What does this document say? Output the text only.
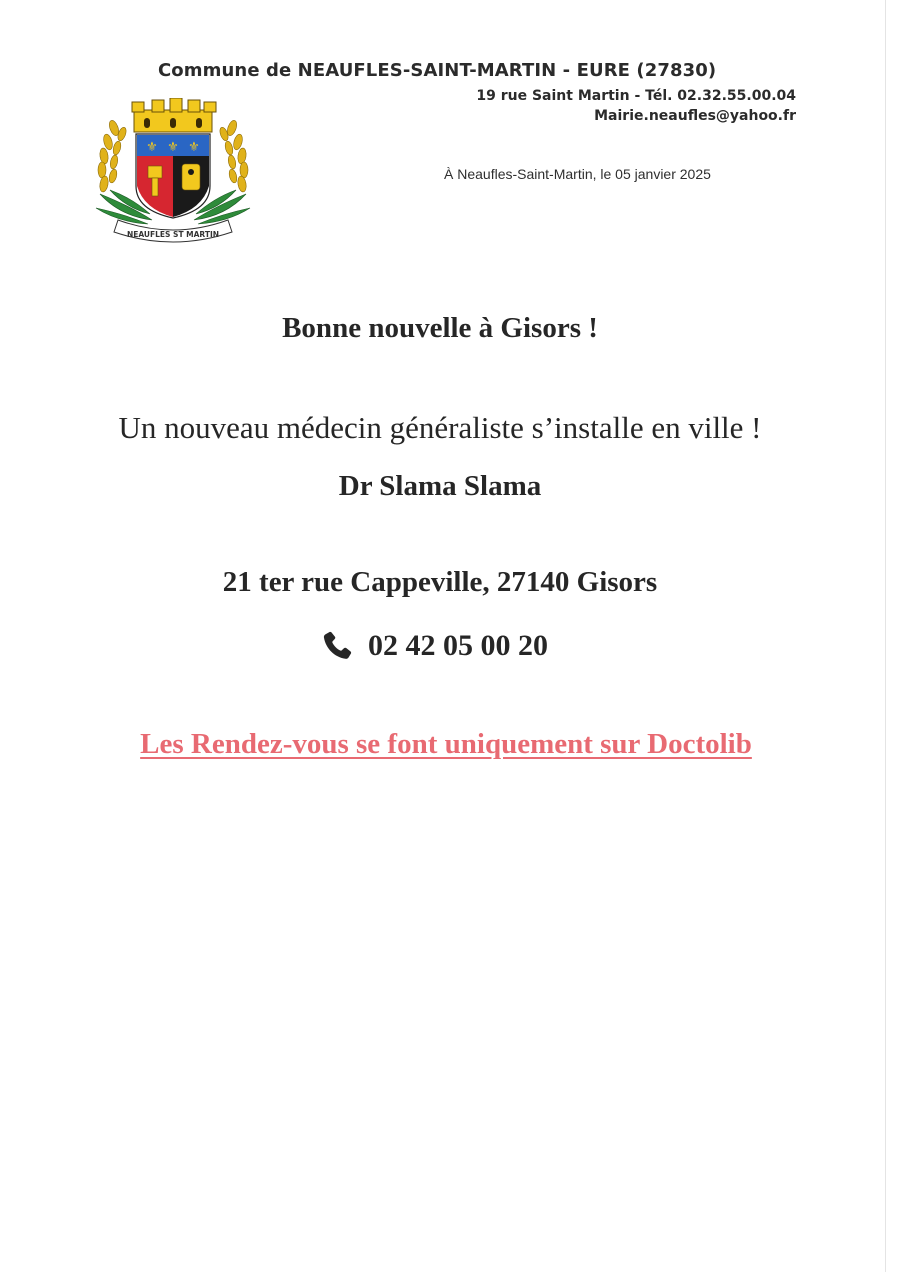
⚜ ⚜ ⚜
NEAUFLES ST MARTIN
Commune de NEAUFLES-SAINT-MARTIN - EURE (27830)
19 rue Saint Martin - Tél. 02.32.55.00.04
Mairie.neaufles@yahoo.fr
À Neaufles-Saint-Martin, le 05 janvier 2025
Bonne nouvelle à Gisors !
Un nouveau médecin généraliste s’installe en ville !
Dr Slama Slama
21 ter rue Cappeville, 27140 Gisors
02 42 05 00 20
Les Rendez-vous se font uniquement sur Doctolib
